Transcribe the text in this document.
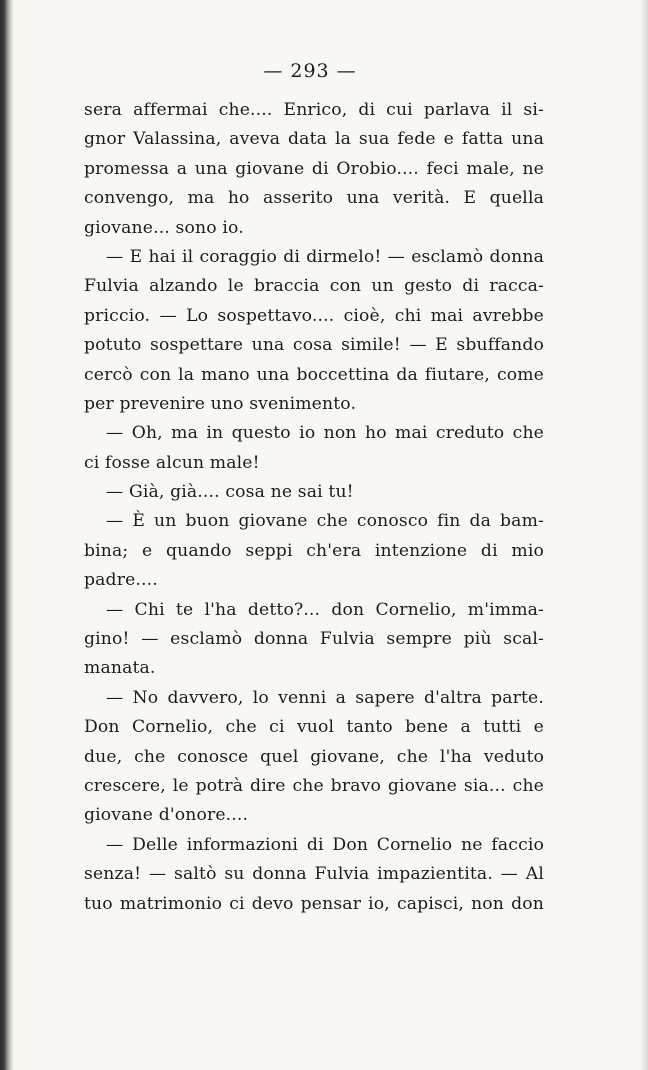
— 293 —
sera affermai che.... Enrico, di cui parlava il si-
gnor Valassina, aveva data la sua fede e fatta una
promessa a una giovane di Orobio.... feci male, ne
convengo, ma ho asserito una verità. E quella
giovane... sono io.
— E hai il coraggio di dirmelo! — esclamò donna
Fulvia alzando le braccia con un gesto di racca-
priccio. — Lo sospettavo.... cioè, chi mai avrebbe
potuto sospettare una cosa simile! — E sbuffando
cercò con la mano una boccettina da fiutare, come
per prevenire uno svenimento.
— Oh, ma in questo io non ho mai creduto che
ci fosse alcun male!
— Già, già.... cosa ne sai tu!
— È un buon giovane che conosco fin da bam-
bina; e quando seppi ch'era intenzione di mio
padre....
— Chi te l'ha detto?... don Cornelio, m'imma-
gino! — esclamò donna Fulvia sempre più scal-
manata.
— No davvero, lo venni a sapere d'altra parte.
Don Cornelio, che ci vuol tanto bene a tutti e
due, che conosce quel giovane, che l'ha veduto
crescere, le potrà dire che bravo giovane sia... che
giovane d'onore....
— Delle informazioni di Don Cornelio ne faccio
senza! — saltò su donna Fulvia impazientita. — Al
tuo matrimonio ci devo pensar io, capisci, non don
